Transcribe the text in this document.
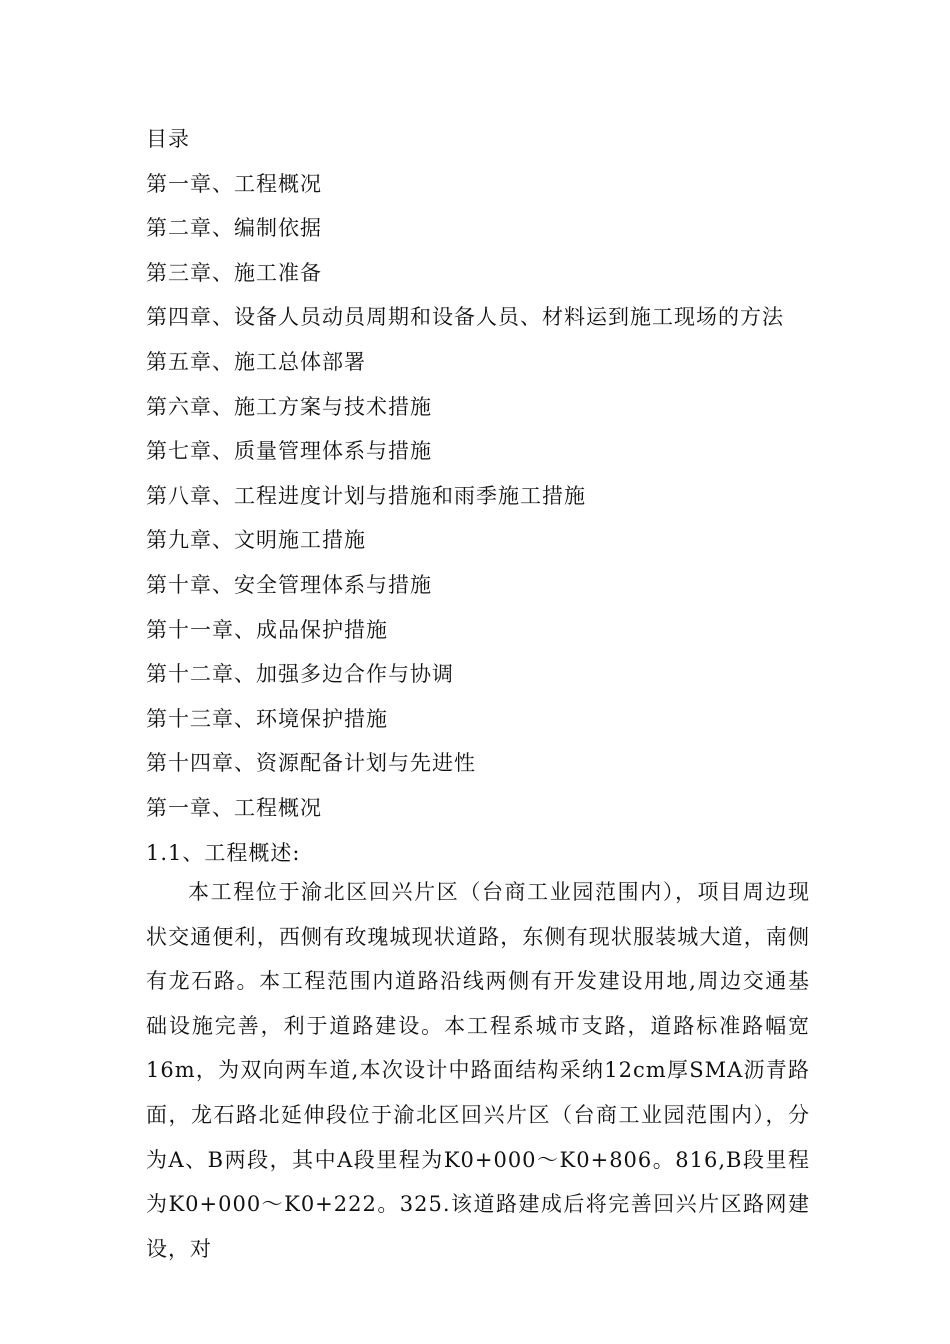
目录
第一章、工程概况
第二章、编制依据
第三章、施工准备
第四章、设备人员动员周期和设备人员、材料运到施工现场的方法
第五章、施工总体部署
第六章、施工方案与技术措施
第七章、质量管理体系与措施
第八章、工程进度计划与措施和雨季施工措施
第九章、文明施工措施
第十章、安全管理体系与措施
第十一章、成品保护措施
第十二章、加强多边合作与协调
第十三章、环境保护措施
第十四章、资源配备计划与先进性
第一章、工程概况
1.1、工程概述:

本工程位于渝北区回兴片区（台商工业园范围内），项目周边现状交通便利，西侧有玫瑰城现状道路，东侧有现状服装城大道，南侧有龙石路。本工程范围内道路沿线两侧有开发建设用地,周边交通基础设施完善，利于道路建设。本工程系城市支路，道路标准路幅宽16m，为双向两车道,本次设计中路面结构采纳12cm厚SMA沥青路面，龙石路北延伸段位于渝北区回兴片区（台商工业园范围内），分为A、B两段，其中A段里程为K0+000～K0+806。816,B段里程为K0+000～K0+222。325.该道路建成后将完善回兴片区路网建设，对
